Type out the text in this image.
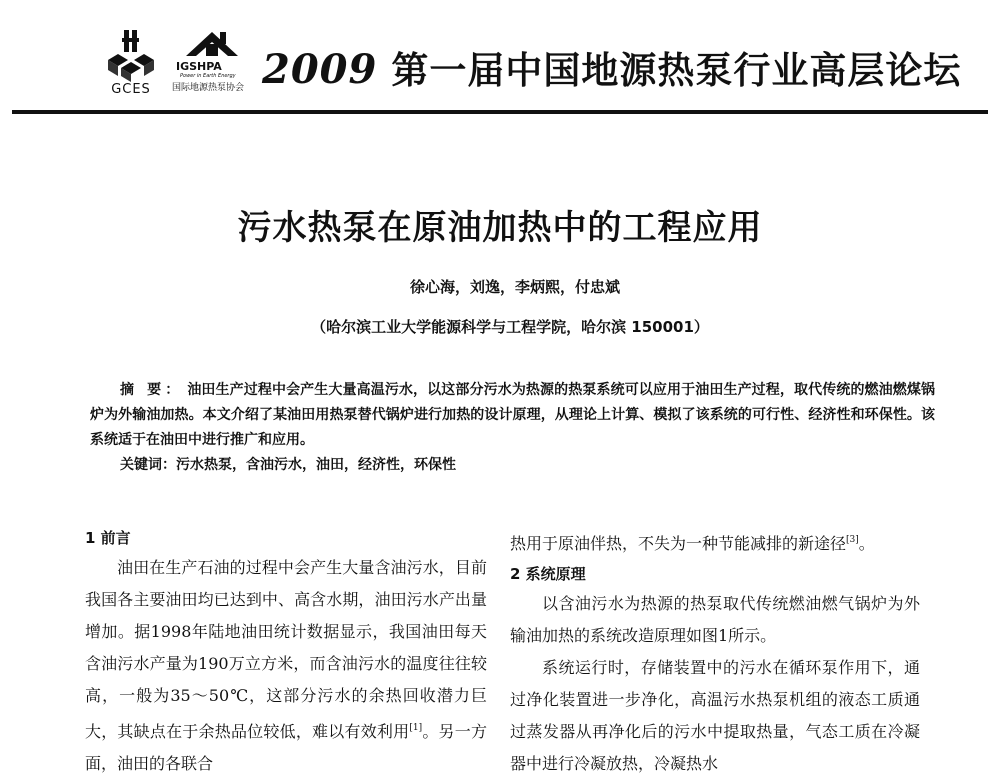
GCES
IGSHPA
Power in Earth Energy
国际地源热泵协会 2009 第一届中国地源热泵行业高层论坛
污水热泵在原油加热中的工程应用
徐心海，刘逸，李炳熙，付忠斌
（哈尔滨工业大学能源科学与工程学院，哈尔滨 150001）

摘 要： 油田生产过程中会产生大量高温污水，以这部分污水为热源的热泵系统可以应用于油田生产过程，取代传统的燃油燃煤锅炉为外输油加热。本文介绍了某油田用热泵替代锅炉进行加热的设计原理，从理论上计算、模拟了该系统的可行性、经济性和环保性。该系统适于在油田中进行推广和应用。

关键词：污水热泵，含油污水，油田，经济性，环保性

1 前言

油田在生产石油的过程中会产生大量含油污水，目前我国各主要油田均已达到中、高含水期，油田污水产出量增加。据1998年陆地油田统计数据显示，我国油田每天含油污水产量为190万立方米，而含油污水的温度往往较高，一般为35～50℃，这部分污水的余热回收潜力巨大，其缺点在于余热品位较低，难以有效利用[1]。另一方面，油田的各联合

热用于原油伴热，不失为一种节能减排的新途径[3]。

2 系统原理

以含油污水为热源的热泵取代传统燃油燃气锅炉为外输油加热的系统改造原理如图1所示。

系统运行时，存储装置中的污水在循环泵作用下，通过净化装置进一步净化，高温污水热泵机组的液态工质通过蒸发器从再净化后的污水中提取热量，气态工质在冷凝器中进行冷凝放热，冷凝热水
